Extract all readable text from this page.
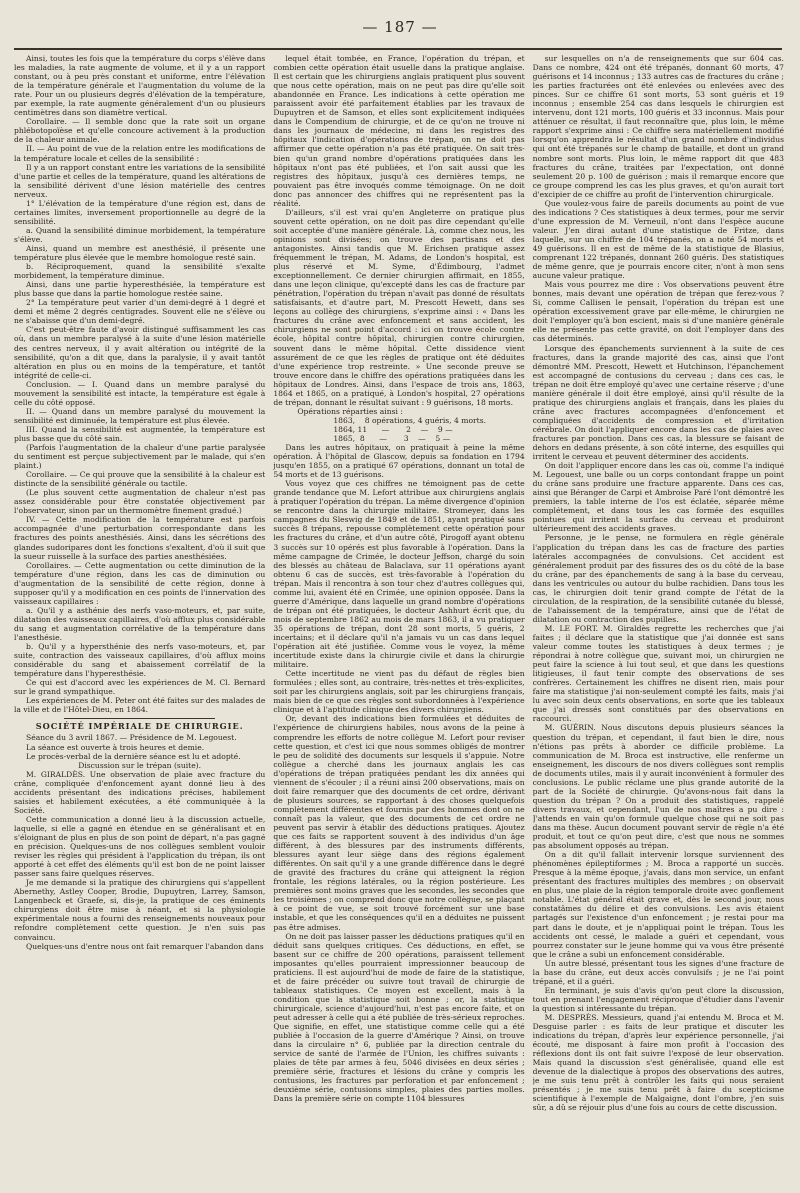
— 187 —

Ainsi, toutes les fois que la température du corps s'élève dans les maladies, la rate augmente de volume, et il y a un rapport constant, ou à peu près constant et uniforme, entre l'élévation de la température générale et l'augmentation du volume de la rate. Pour un ou plusieurs degrés d'élévation de la température, par exemple, la rate augmente généralement d'un ou plusieurs centimètres dans son diamètre vertical.

Corollaire. — Il semble donc que la rate soit un organe phlébotopoïèse et qu'elle concoure activement à la production de la chaleur animale.

II. — Au point de vue de la relation entre les modifications de la température locale et celles de la sensibilité :

Il y a un rapport constant entre les variations de la sensibilité d'une partie et celles de la température, quand les altérations de la sensibilité dérivent d'une lésion matérielle des centres nerveux.

1° L'élévation de la température d'une région est, dans de certaines limites, inversement proportionnelle au degré de la sensibilité.

a. Quand la sensibilité diminue morbidement, la température s'élève.

Ainsi, quand un membre est anesthésié, il présente une température plus élevée que le membre homologue resté sain.

b. Réciproquement, quand la sensibilité s'exalte morbidement, la température diminue.

Ainsi, dans une partie hyperesthésiée, la température est plus basse que dans la partie homologue restée saine.

2° La température peut varier d'un demi-degré à 1 degré et demi et même 2 degrés centigrades. Souvent elle ne s'élève ou ne s'abaisse que d'un demi-degré.

C'est peut-être faute d'avoir distingué suffisamment les cas où, dans un membre paralysé à la suite d'une lésion matérielle des centres nerveux, il y avait altération ou intégrité de la sensibilité, qu'on a dit que, dans la paralysie, il y avait tantôt altération en plus ou en moins de la température, et tantôt intégrité de celle-ci.

Conclusion. — I. Quand dans un membre paralysé du mouvement la sensibilité est intacte, la température est égale à celle du côté opposé.

II. — Quand dans un membre paralysé du mouvement la sensibilité est diminuée, la température est plus élevée.

III. Quand la sensibilité est augmentée, la température est plus basse que du côté sain.

(Parfois l'augmentation de la chaleur d'une partie paralysée du sentiment est perçue subjectivement par le malade, qui s'en plaint.)

Corollaire. — Ce qui prouve que la sensibilité à la chaleur est distincte de la sensibilité générale ou tactile.

(Le plus souvent cette augmentation de chaleur n'est pas assez considérable pour être constatée objectivement par l'observateur, sinon par un thermomètre finement gradué.)

IV. — Cette modification de la température est parfois accompagnée d'une perturbation correspondante dans les fractures des points anesthésiés. Ainsi, dans les sécrétions des glandes sudoripares dont les fonctions s'exaltent, d'où il suit que la sueur ruisselle à la surface des parties anesthésiées.

Corollaires. — Cette augmentation ou cette diminution de la température d'une région, dans les cas de diminution ou d'augmentation de la sensibilité de cette région, donne à supposer qu'il y a modification en ces points de l'innervation des vaisseaux capillaires :

a. Qu'il y a asthénie des nerfs vaso-moteurs, et, par suite, dilatation des vaisseaux capillaires, d'où afflux plus considérable du sang et augmentation corrélative de la température dans l'anesthésie.

b. Qu'il y a hypersthénie des nerfs vaso-moteurs, et, par suite, contraction des vaisseaux capillaires, d'où afflux moins considérable du sang et abaissement corrélatif de la température dans l'hyperesthésie.

Ce qui est d'accord avec les expériences de M. Cl. Bernard sur le grand sympathique.

Les expériences de M. Peter ont été faites sur des malades de la ville et de l'Hôtel-Dieu, en 1864.

SOCIÉTÉ IMPÉRIALE DE CHIRURGIE.

Séance du 3 avril 1867. — Présidence de M. Legouest.

La séance est ouverte à trois heures et demie.

Le procès-verbal de la dernière séance est lu et adopté.

Discussion sur le trépan (suite).

M. GIRALDÈS. Une observation de plaie avec fracture du crâne, compliquée d'enfoncement ayant donné lieu à des accidents présentant des indications précises, habilement saisies et habilement exécutées, a été communiquée à la Société.

Cette communication a donné lieu à la discussion actuelle, laquelle, si elle a gagné en étendue en se généralisant et en s'éloignant de plus en plus de son point de départ, n'a pas gagné en précision. Quelques-uns de nos collègues semblent vouloir reviser les règles qui président à l'application du trépan, ils ont apporté à cet effet des éléments qu'il est bon de ne point laisser passer sans faire quelques réserves.

Je me demande si la pratique des chirurgiens qui s'appellent Abernethy, Astley Cooper, Brodie, Dupuytren, Larrey, Samson, Langenbeck et Graefe, si, dis-je, la pratique de ces éminents chirurgiens doit être mise à néant, et si la physiologie expérimentale nous a fourni des renseignements nouveaux pour refondre complètement cette question. Je n'en suis pas convaincu.

Quelques-uns d'entre nous ont fait remarquer l'abandon dans

lequel était tombée, en France, l'opération du trépan, et combien cette opération était usuelle dans la pratique anglaise. Il est certain que les chirurgiens anglais pratiquent plus souvent que nous cette opération, mais on ne peut pas dire qu'elle soit abandonnée en France. Les indications à cette opération me paraissent avoir été parfaitement établies par les travaux de Dupuytren et de Samson, et elles sont explicitement indiquées dans le Compendium de chirurgie, et de ce qu'on ne trouve ni dans les journaux de médecine, ni dans les registres des hôpitaux l'indication d'opérations de trépan, on ne doit pas affirmer que cette opération n'a pas été pratiquée. On sait très-bien qu'un grand nombre d'opérations pratiquées dans les hôpitaux n'ont pas été publiées, et l'on sait aussi que les registres des hôpitaux, jusqu'à ces dernières temps, ne pouvaient pas être invoqués comme témoignage. On ne doit donc pas annoncer des chiffres qui ne représentent pas la réalité.

D'ailleurs, s'il est vrai qu'en Angleterre on pratique plus souvent cette opération, on ne doit pas dire cependant qu'elle soit acceptée d'une manière générale. Là, comme chez nous, les opinions sont divisées; on trouve des partisans et des antagonistes. Ainsi tandis que M. Erichsen pratique assez fréquemment le trépan, M. Adams, de London's hospital, est plus réservé et M. Syme, d'Édimbourg, l'admet exceptionnellement. Ce dernier chirurgien affirmait, en 1855, dans une leçon clinique, qu'excepté dans les cas de fracture par pénétration, l'opération du trépan n'avait pas donné de résultats satisfaisants, et d'autre part, M. Prescott Hewett, dans ses leçons au collège des chirurgiens, s'exprime ainsi : « Dans les fractures du crâne avec enfoncement et sans accident, les chirurgiens ne sont point d'accord : ici on trouve école contre école, hôpital contre hôpital, chirurgien contre chirurgien, souvent dans le même hôpital. Cette dissidence vient assurément de ce que les règles de pratique ont été déduites d'une expérience trop restreinte. » Une seconde preuve se trouve encore dans le chiffre des opérations pratiquées dans les hôpitaux de Londres. Ainsi, dans l'espace de trois ans, 1863, 1864 et 1865, on a pratiqué, à London's hospital, 27 opérations de trépan, donnant le résultat suivant : 9 guérisons, 18 morts.

Opérations réparties ainsi :

1863,    8 opérations, 4 guéris, 4 morts.

1864, 11      —       2    —    9 —

1865,  8      —       3    —    5 —

Dans les autres hôpitaux, on pratiquait à peine la même opération. À l'hôpital de Glascow, depuis sa fondation en 1794 jusqu'en 1855, on a pratiqué 67 opérations, donnant un total de 54 morts et de 13 guérisons.

Vous voyez que ces chiffres ne témoignent pas de cette grande tendance que M. Lefort attribue aux chirurgiens anglais à pratiquer l'opération du trépan. La même divergence d'opinion se rencontre dans la chirurgie militaire. Stromeyer, dans les campagnes du Sleswig de 1849 et de 1851, ayant pratiqué sans succès 8 trépans, repousse complètement cette opération pour les fractures du crâne, et d'un autre côté, Pirogoff ayant obtenu 3 succès sur 10 opérés est plus favorable à l'opération. Dans la même campagne de Crimée, le docteur Jeffson, chargé du soin des blessés au château de Balaclava, sur 11 opérations ayant obtenu 6 cas de succès, est très-favorable à l'opération du trépan. Mais il rencontra à son tour chez d'autres collègues qui, comme lui, avaient été en Crimée, une opinion opposée. Dans la guerre d'Amérique, dans laquelle un grand nombre d'opérations de trépan ont été pratiquées, le docteur Ashhurt écrit que, du mois de septembre 1862 au mois de mars 1863, il a vu pratiquer 35 opérations de trépan, dont 28 sont morts, 5 guéris, 2 incertains; et il déclare qu'il n'a jamais vu un cas dans lequel l'opération ait été justifiée. Comme vous le voyez, la même incertitude existe dans la chirurgie civile et dans la chirurgie militaire.

Cette incertitude ne vient pas du défaut de règles bien formulées ; elles sont, au contraire, très-nettes et très-explicites, soit par les chirurgiens anglais, soit par les chirurgiens français, mais bien de ce que ces règles sont subordonnées à l'expérience clinique et à l'aptitude clinique des divers chirurgiens.

Or, devant des indications bien formulées et déduites de l'expérience de chirurgiens habiles, nous avons de la peine à comprendre les efforts de notre collègue M. Lefort pour reviser cette question, et c'est ici que nous sommes obligés de montrer le peu de solidité des documents sur lesquels il s'appuie. Notre collègue a cherché dans les journaux anglais les cas d'opérations de trépan pratiquées pendant les dix années qui viennent de s'écouler ; il a réuni ainsi 200 observations, mais on doit faire remarquer que des documents de cet ordre, dérivant de plusieurs sources, se rapportant à des choses quelquefois complètement différentes et fournis par des hommes dont on ne connaît pas la valeur, que des documents de cet ordre ne peuvent pas servir à établir des déductions pratiques. Ajoutez que ces faits se rapportent souvent à des individus d'un âge différent, à des blessures par des instruments différents, blessures ayant leur siège dans des régions également différentes. On sait qu'il y a une grande différence dans le degré de gravité des fractures du crâne qui atteignent la région frontale, les régions latérales, ou la région postérieure. Les premières sont moins graves que les secondes, les secondes que les troisièmes ; on comprend donc que notre collègue, se plaçant à ce point de vue, se soit trouvé forcément sur une base instable, et que les conséquences qu'il en a déduites ne puissent pas être admises.

On ne doit pas laisser passer les déductions pratiques qu'il en déduit sans quelques critiques. Ces déductions, en effet, se basent sur ce chiffre de 200 opérations, paraissent tellement imposantes qu'elles pourraient impressionner beaucoup de praticiens. Il est aujourd'hui de mode de faire de la statistique, et de faire précéder ou suivre tout travail de chirurgie de tableaux statistiques. Ce moyen est excellent, mais à la condition que la statistique soit bonne ; or, la statistique chirurgicale, science d'aujourd'hui, n'est pas encore faite, et on peut adresser à celle qui a été publiée de très-sérieux reproches. Que signifie, en effet, une statistique comme celle qui a été publiée à l'occasion de la guerre d'Amérique ? Ainsi, on trouve dans la circulaire n° 6, publiée par la direction centrale du service de santé de l'armée de l'Union, les chiffres suivants : plaies de tête par armes à feu, 5046 divisées en deux séries ; première série, fractures et lésions du crâne y compris les contusions, les fractures par perforation et par enfoncement ; deuxième série, contusions simples, plaies des parties molles. Dans la première série on compte 1104 blessures

sur lesquelles on n'a de renseignements que sur 604 cas. Dans ce nombre, 424 ont été trépanés, donnant 60 morts, 47 guérisons et 14 inconnus ; 133 autres cas de fractures du crâne ; les parties fracturées ont été enlevées ou enlevées avec des pinces. Sur ce chiffre 61 sont morts, 53 sont guéris et 19 inconnus ; ensemble 254 cas dans lesquels le chirurgien est intervenu, dont 121 morts, 100 guéris et 33 inconnus. Mais pour atténuer ce résultat, il faut reconnaître que, plus loin, le même rapport s'exprime ainsi : Ce chiffre sera matériellement modifié lorsqu'on apprendra le résultat d'un grand nombre d'individus qui ont été trépanés sur le champ de bataille, et dont un grand nombre sont morts. Plus loin, le même rapport dit que 483 fractures du crâne, traitées par l'expectation, ont donné seulement 20 p. 100 de guérison ; mais il remarque encore que ce groupe comprend les cas les plus graves, et qu'on aurait tort d'excipier de ce chiffre au profit de l'intervention chirurgicale.

Que voulez-vous faire de pareils documents au point de vue des indications ? Ces statistiques à deux termes, pour me servir d'une expression de M. Verneuil, n'ont dans l'espèce aucune valeur. J'en dirai autant d'une statistique de Fritze, dans laquelle, sur un chiffre de 104 trépanés, on a noté 54 morts et 49 guérisons. Il en est de même de la statistique de Blasius, comprenant 122 trépanés, donnant 260 guéris. Des statistiques de même genre, que je pourrais encore citer, n'ont à mon sens aucune valeur pratique.

Mais vous pourrez me dire : Vos observations peuvent être bonnes, mais devant une opération de trépan que ferez-vous ? Si, comme Callisen le pensait, l'opération du trépan est une opération excessivement grave par elle-même, le chirurgien ne doit l'employer qu'à bon escient, mais si d'une manière générale elle ne présente pas cette gravité, on doit l'employer dans des cas déterminés.

Lorsque des épanchements surviennent à la suite de ces fractures, dans la grande majorité des cas, ainsi que l'ont démontré MM. Prescott, Hewett et Hutchinson, l'épanchement est accompagné de contusions du cerveau ; dans ces cas, le trépan ne doit être employé qu'avec une certaine réserve ; d'une manière générale il doit être employé, ainsi qu'il résulte de la pratique des chirurgiens anglais et français, dans les plaies du crâne avec fractures accompagnées d'enfoncement et compliquées d'accidents de compression et d'irritation cérébrale. On doit l'appliquer encore dans les cas de plaies avec fractures par ponction. Dans ces cas, la blessure se faisant de dehors en dedans présente, à son côté interne, des esquilles qui irritent le cerveau et peuvent déterminer des accidents.

On doit l'appliquer encore dans les cas où, comme l'a indiqué M. Legouest, une balle ou un corps contondant frappe un point du crâne sans produire une fracture apparente. Dans ces cas, ainsi que Béranger de Carpi et Ambroise Paré l'ont démontré les premiers, la table interne de l'os est éclatée, séparée même complétement, et dans tous les cas formée des esquilles pointues qui irritent la surface du cerveau et produiront ultérieurement des accidents graves.

Personne, je le pense, ne formulera en règle générale l'application du trépan dans les cas de fracture des parties latérales accompagnées de convulsions. Cet accident est généralement produit par des fissures des os du côté de la base du crâne, par des épanchements de sang à la base du cerveau, dans les ventricules ou autour du bulbe rachidien. Dans tous les cas, le chirurgien doit tenir grand compte de l'état de la circulation, de la respiration, de la sensibilité cutanée du blessé, de l'abaissement de la température, ainsi que de l'état de dilatation ou contraction des pupilles.

M. LE FORT. M. Giraldès regrette les recherches que j'ai faites ; il déclare que la statistique que j'ai donnée est sans valeur comme toutes les statistiques à deux termes ; je répondrai à notre collègue que, suivant moi, un chirurgien ne peut faire la science à lui tout seul, et que dans les questions litigieuses, il faut tenir compte des observations de ses confrères. Certainement les chiffres ne disent rien, mais pour faire ma statistique j'ai non-seulement compté les faits, mais j'ai lu avec soin deux cents observations, en sorte que les tableaux que j'ai dressés sont constitués par des observations en raccourci.

M. GUÉRIN. Nous discutons depuis plusieurs séances la question du trépan, et cependant, il faut bien le dire, nous n'étions pas prêts à aborder ce difficile problème. La communication de M. Broca est instructive, elle renferme un enseignement, les discours de nos divers collègues sont remplis de documents utiles, mais il y aurait inconvénient à formuler des conclusions. Le public réclame une plus grande autorité de la part de la Société de chirurgie. Qu'avons-nous fait dans la question du trépan ? On a produit des statistiques, rappelé divers travaux, et cependant, l'un de nos maîtres a pu dire : J'attends en vain qu'on formule quelque chose qui ne soit pas dans ma thèse. Aucun document pouvant servir de règle n'a été produit, et tout ce qu'on peut dire, c'est que nous ne sommes pas absolument opposés au trépan.

On a dit qu'il fallait intervenir lorsque surviennent des phénomènes épileptiformes ; M. Broca a rapporté un succès. Presque à la même époque, j'avais, dans mon service, un enfant présentant des fractures multiples des membres ; on observait en plus, une plaie de la région temporale droite avec gonflement notable. L'état général était grave et, dès le second jour, nous constatâmes du délire et des convulsions. Les avis étaient partagés sur l'existence d'un enfoncement ; je restai pour ma part dans le doute, et je n'appliquai point le trépan. Tous les accidents ont cessé, le malade a guéri et cependant, vous pourrez constater sur le jeune homme qui va vous être présenté que le crâne a subi un enfoncement considérable.

Un autre blessé, présentant tous les signes d'une fracture de la base du crâne, eut deux accès convulsifs ; je ne l'ai point trépané, et il a guéri.

En terminant, je suis d'avis qu'on peut clore la discussion, tout en prenant l'engagement réciproque d'étudier dans l'avenir la question si intéressante du trépan.

M. DESPRÈS. Messieurs, quand j'ai entendu M. Broca et M. Desguise parler : es faits de leur pratique et discuter les indications du trépan, d'après leur expérience personnelle, j'ai écouté, me disposant à faire mon profit à l'occasion des réflexions dont ils ont fait suivre l'exposé de leur observation. Mais quand la discussion s'est généralisée, quand elle est devenue de la dialectique à propos des observations des autres, je me suis tenu prêt à contrôler les faits qui nous seraient présentés ; je me suis tenu prêt à faire du scepticisme scientifique à l'exemple de Malgaigne, dont l'ombre, j'en suis sûr, a dû se réjouir plus d'une fois au cours de cette discussion.
